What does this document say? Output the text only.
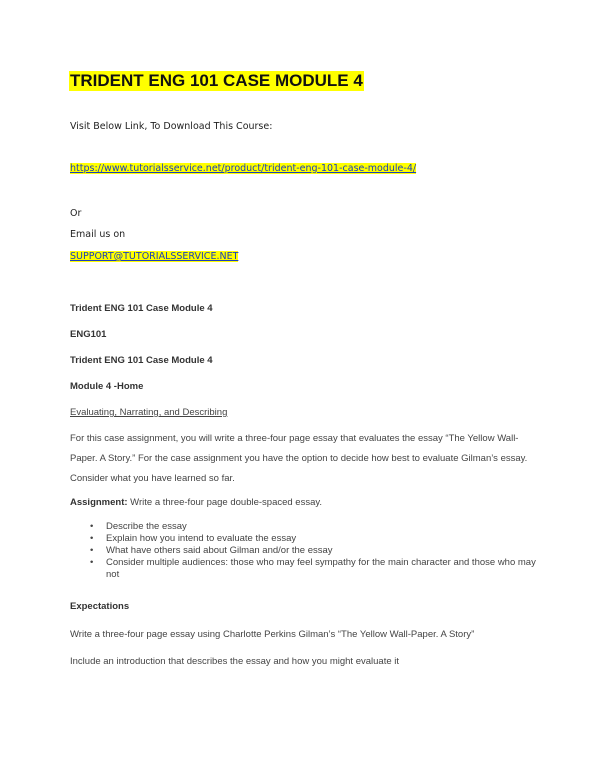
TRIDENT ENG 101 CASE MODULE 4
Visit Below Link, To Download This Course:
https://www.tutorialsservice.net/product/trident-eng-101-case-module-4/
Or
Email us on
SUPPORT@TUTORIALSSERVICE.NET
Trident ENG 101 Case Module 4
ENG101
Trident ENG 101 Case Module 4
Module 4 -Home
Evaluating, Narrating, and Describing
For this case assignment, you will write a three-four page essay that evaluates the essay “The Yellow Wall-Paper. A Story.” For the case assignment you have the option to decide how best to evaluate Gilman’s essay. Consider what you have learned so far.
Assignment: Write a three-four page double-spaced essay.
• Describe the essay
• Explain how you intend to evaluate the essay
• What have others said about Gilman and/or the essay
• Consider multiple audiences: those who may feel sympathy for the main character and those who may not
Expectations
Write a three-four page essay using Charlotte Perkins Gilman’s “The Yellow Wall-Paper. A Story”
Include an introduction that describes the essay and how you might evaluate it
